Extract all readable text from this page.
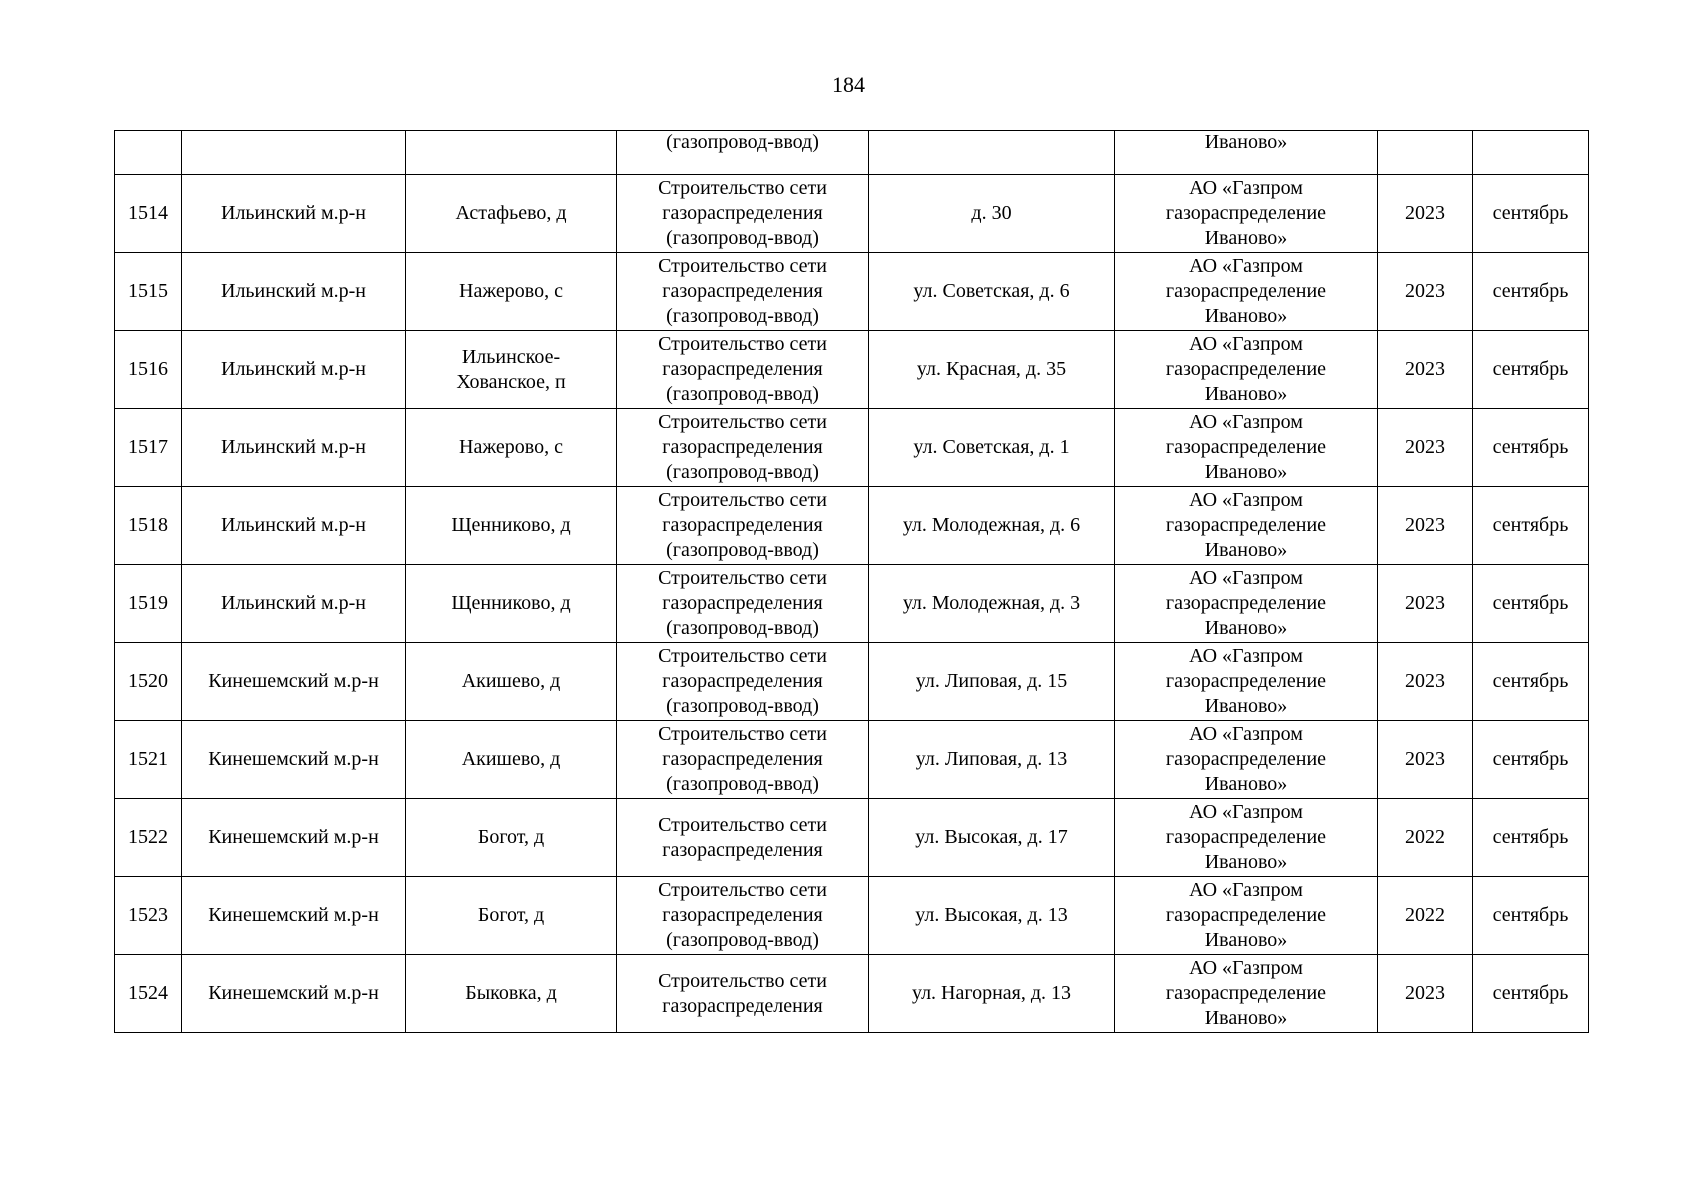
184
			(газопровод-ввод)		Иваново»		
1514	Ильинский м.р-н	Астафьево, д	Строительство сети
газораспределения
(газопровод-ввод)	д. 30	АО «Газпром
газораспределение
Иваново»	2023	сентябрь
1515	Ильинский м.р-н	Нажерово, с	Строительство сети
газораспределения
(газопровод-ввод)	ул. Советская, д. 6	АО «Газпром
газораспределение
Иваново»	2023	сентябрь
1516	Ильинский м.р-н	Ильинское-
Хованское, п	Строительство сети
газораспределения
(газопровод-ввод)	ул. Красная, д. 35	АО «Газпром
газораспределение
Иваново»	2023	сентябрь
1517	Ильинский м.р-н	Нажерово, с	Строительство сети
газораспределения
(газопровод-ввод)	ул. Советская, д. 1	АО «Газпром
газораспределение
Иваново»	2023	сентябрь
1518	Ильинский м.р-н	Щенниково, д	Строительство сети
газораспределения
(газопровод-ввод)	ул. Молодежная, д. 6	АО «Газпром
газораспределение
Иваново»	2023	сентябрь
1519	Ильинский м.р-н	Щенниково, д	Строительство сети
газораспределения
(газопровод-ввод)	ул. Молодежная, д. 3	АО «Газпром
газораспределение
Иваново»	2023	сентябрь
1520	Кинешемский м.р-н	Акишево, д	Строительство сети
газораспределения
(газопровод-ввод)	ул. Липовая, д. 15	АО «Газпром
газораспределение
Иваново»	2023	сентябрь
1521	Кинешемский м.р-н	Акишево, д	Строительство сети
газораспределения
(газопровод-ввод)	ул. Липовая, д. 13	АО «Газпром
газораспределение
Иваново»	2023	сентябрь
1522	Кинешемский м.р-н	Богот, д	Строительство сети
газораспределения	ул. Высокая, д. 17	АО «Газпром
газораспределение
Иваново»	2022	сентябрь
1523	Кинешемский м.р-н	Богот, д	Строительство сети
газораспределения
(газопровод-ввод)	ул. Высокая, д. 13	АО «Газпром
газораспределение
Иваново»	2022	сентябрь
1524	Кинешемский м.р-н	Быковка, д	Строительство сети
газораспределения	ул. Нагорная, д. 13	АО «Газпром
газораспределение
Иваново»	2023	сентябрь
